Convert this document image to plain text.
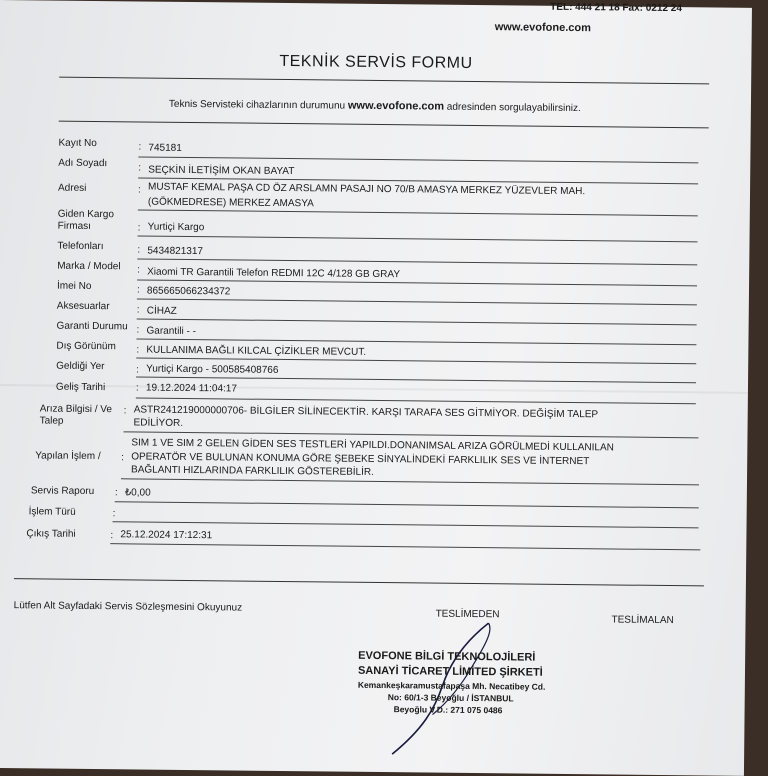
TEL: 444 21 18 Fax: 0212 24
www.evofone.com
TEKNİK SERVİS FORMU
Teknis Servisteki cihazlarının durumunu www.evofone.com adresinden sorgulayabilirsiniz.
Kayıt No	: 745181
Adı Soyadı	: SEÇKİN İLETİŞİM OKAN BAYAT
Adresi	: MUSTAF KEMAL PAŞA CD ÖZ ARSLAMN PASAJI NO 70/B AMASYA MERKEZ YÜZEVLER MAH.
(GÖKMEDRESE) MERKEZ AMASYA
Giden Kargo
Firması	: Yurtiçi Kargo
Telefonları	: 5434821317
Marka / Model : Xiaomi TR Garantili Telefon REDMI 12C 4/128 GB GRAY
İmei No	: 865665066234372
Aksesuarlar	: CİHAZ
Garanti Durumu : Garantili - -
Dış Görünüm : KULLANIMA BAĞLI KILCAL ÇİZİKLER MEVCUT.
Geldiği Yer	: Yurtiçi Kargo - 500585408766
Geliş Tarihi	: 19.12.2024 11:04:17
Arıza Bilgisi / Ve
Talep
: ASTR241219000000706- BİLGİLER SİLİNECEKTİR. KARŞI TARAFA SES GİTMİYOR. DEĞİŞİM TALEP
EDİLİYOR.
Yapılan İşlem / :
SIM 1 VE SIM 2 GELEN GİDEN SES TESTLERİ YAPILDI.DONANIMSAL ARIZA GÖRÜLMEDİ KULLANILAN
OPERATÖR VE BULUNAN KONUMA GÖRE ŞEBEKE SİNYALİNDEKİ FARKLILIK SES VE İNTERNET
BAĞLANTI HIZLARINDA FARKLILIK GÖSTEREBİLİR.
Servis Raporu : ₺0,00
İşlem Türü	:
Çıkış Tarihi	: 25.12.2024 17:12:31
Lütfen Alt Sayfadaki Servis Sözleşmesini Okuyunuz
TESLİMEDEN	TESLİMALAN
EVOFONE BİLGİ TEKNOLOJİLERİ
SANAYİ TİCARET LİMİTED ŞİRKETİ
Kemankeşkaramustafapaşa Mh. Necatibey Cd.
No: 60/1-3 Beyoğlu / İSTANBUL
Beyoğlu V.D.: 271 075 0486
